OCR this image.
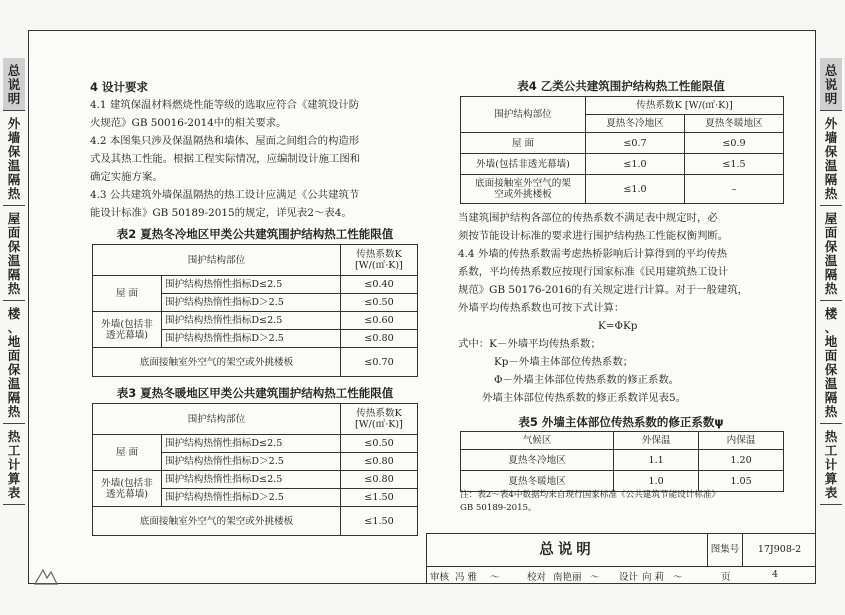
总
说
明
外
墙
保
温
隔
热
屋
面
保
温
隔
热
楼
、
地
面
保
温
隔
热
热
工
计
算
表
总
说
明
外
墙
保
温
隔
热
屋
面
保
温
隔
热
楼
、
地
面
保
温
隔
热
热
工
计
算
表
4 设计要求
4.1 建筑保温材料燃烧性能等级的选取应符合《建筑设计防
火规范》GB 50016-2014中的相关要求。
4.2 本图集只涉及保温隔热和墙体、屋面之间组合的构造形
式及其热工性能。根据工程实际情况，应编制设计施工图和
确定实施方案。
4.3 公共建筑外墙保温隔热的热工设计应满足《公共建筑节
能设计标准》GB 50189-2015的规定，详见表2～表4。
表2 夏热冬冷地区甲类公共建筑围护结构热工性能限值
围护结构部位		传热系数K
[W/(㎡·K)]

屋 面	围护结构热惰性指标D≤2.5	≤0.40
	围护结构热惰性指标D＞2.5	≤0.50

外墙(包括非
透光幕墙)	围护结构热惰性指标D≤2.5	≤0.60
	围护结构热惰性指标D＞2.5	≤0.80
底面接触室外空气的架空或外挑楼板		≤0.70
表3 夏热冬暖地区甲类公共建筑围护结构热工性能限值
围护结构部位		传热系数K
[W/(㎡·K)]

屋 面	围护结构热惰性指标D≤2.5	≤0.50
	围护结构热惰性指标D＞2.5	≤0.80

外墙(包括非
透光幕墙)	围护结构热惰性指标D≤2.5	≤0.80
	围护结构热惰性指标D＞2.5	≤1.50
底面接触室外空气的架空或外挑楼板		≤1.50
表4 乙类公共建筑围护结构热工性能限值
围护结构部位	传热系数K [W/(㎡·K)]	
	夏热冬冷地区	夏热冬暖地区
屋 面	≤0.7	≤0.9
外墙(包括非透光幕墙)	≤1.0	≤1.5

底面接触室外空气的架
空或外挑楼板	≤1.0	–
当建筑围护结构各部位的传热系数不满足表中规定时，必
须按节能设计标准的要求进行围护结构热工性能权衡判断。
4.4 外墙的传热系数需考虑热桥影响后计算得到的平均传热
系数，平均传热系数应按现行国家标准《民用建筑热工设计
规范》GB 50176-2016的有关规定进行计算。对于一般建筑，
外墙平均传热系数也可按下式计算：
K=ΦKp
式中：K－外墙平均传热系数；
Kp－外墙主体部位传热系数；
Φ－外墙主体部位传热系数的修正系数。
外墙主体部位传热系数的修正系数详见表5。
表5 外墙主体部位传热系数的修正系数ψ
气候区	外保温	内保温
夏热冬冷地区	1.1	1.20
夏热冬暖地区	1.0	1.05
注：表2～表4中数据均来自现行国家标准《公共建筑节能设计标准》
GB 50189-2015。
总说明	图集号	17J908-2
审核 冯 雅 ～	校对 南艳丽 ～ 设计 向 莉 ～	页	4
